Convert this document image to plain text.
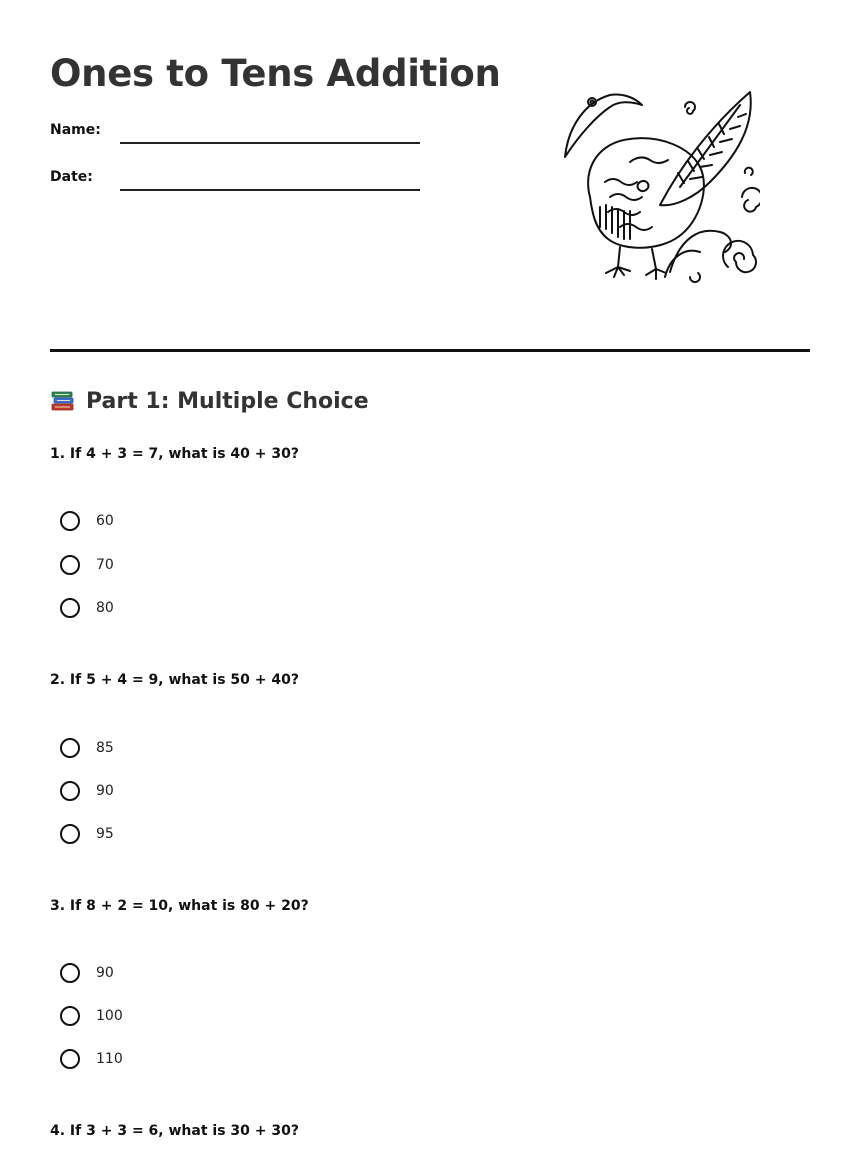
Ones to Tens Addition
Name:
Date:
Part 1: Multiple Choice
1. If 4 + 3 = 7, what is 40 + 30?
60
70
80
2. If 5 + 4 = 9, what is 50 + 40?
85
90
95
3. If 8 + 2 = 10, what is 80 + 20?
90
100
110
4. If 3 + 3 = 6, what is 30 + 30?
